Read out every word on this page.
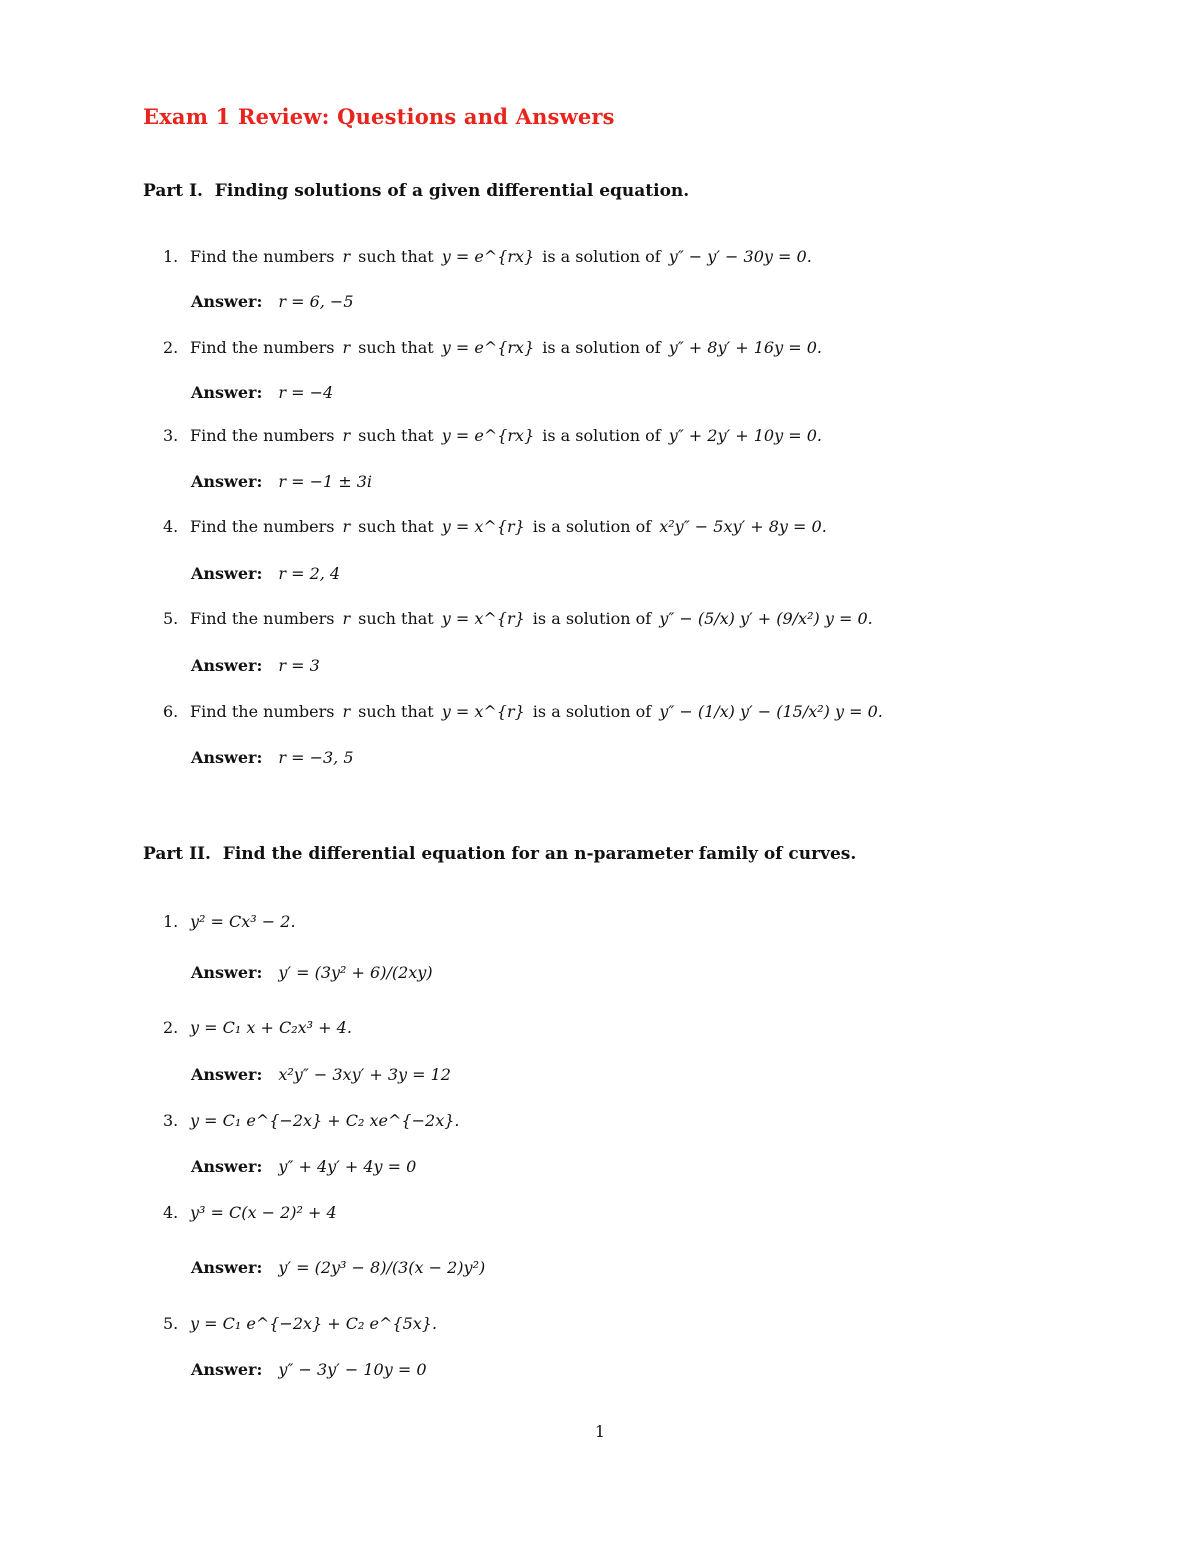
Exam 1 Review: Questions and Answers
Part I. Finding solutions of a given differential equation.
1. Find the numbers r such that y = e^{rx} is a solution of y″ − y′ − 30y = 0.
Answer: r = 6, −5
2. Find the numbers r such that y = e^{rx} is a solution of y″ + 8y′ + 16y = 0.
Answer: r = −4
3. Find the numbers r such that y = e^{rx} is a solution of y″ + 2y′ + 10y = 0.
Answer: r = −1 ± 3i
4. Find the numbers r such that y = x^{r} is a solution of x²y″ − 5xy′ + 8y = 0.
Answer: r = 2, 4
5. Find the numbers r such that y = x^{r} is a solution of y″ − (5/x) y′ + (9/x²) y = 0.
Answer: r = 3
6. Find the numbers r such that y = x^{r} is a solution of y″ − (1/x) y′ − (15/x²) y = 0.
Answer: r = −3, 5
Part II. Find the differential equation for an n-parameter family of curves.
1. y² = Cx³ − 2.
Answer: y′ = (3y² + 6)/(2xy)
2. y = C₁ x + C₂x³ + 4.
Answer: x²y″ − 3xy′ + 3y = 12
3. y = C₁ e^{−2x} + C₂ xe^{−2x}.
Answer: y″ + 4y′ + 4y = 0
4. y³ = C(x − 2)² + 4
Answer: y′ = (2y³ − 8)/(3(x − 2)y²)
5. y = C₁ e^{−2x} + C₂ e^{5x}.
Answer: y″ − 3y′ − 10y = 0
1
